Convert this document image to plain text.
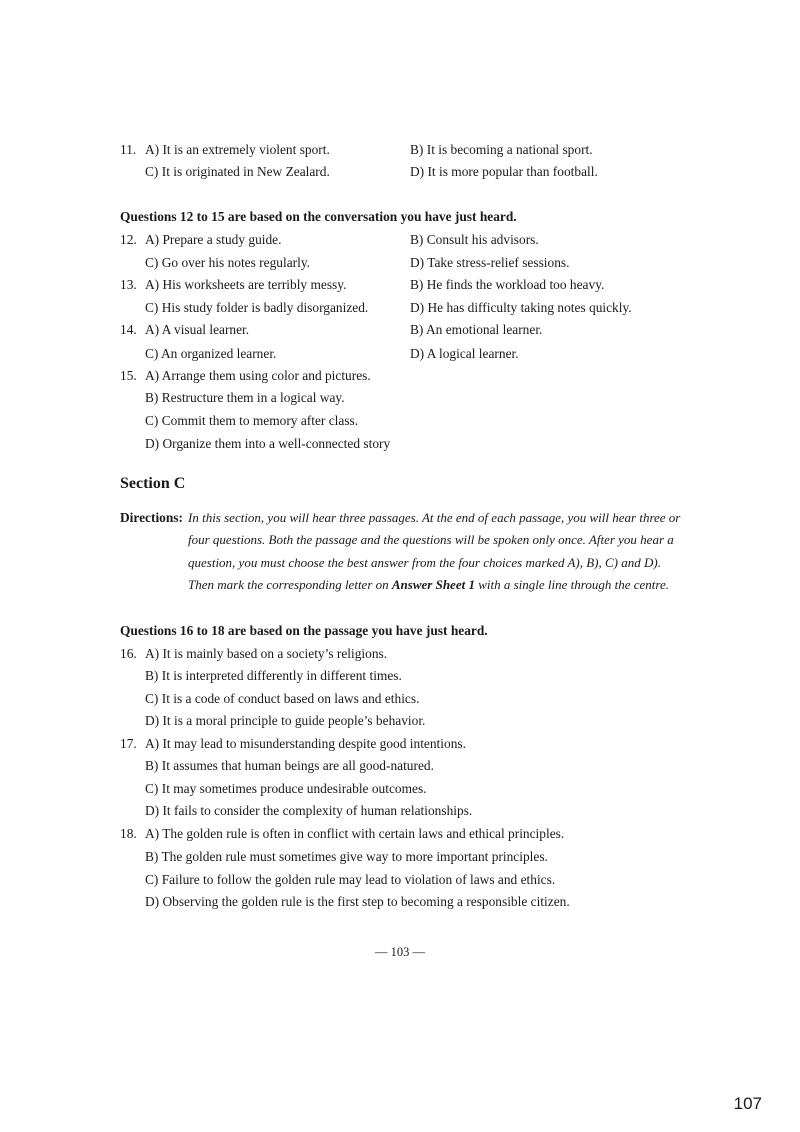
11. A) It is an extremely violent sport.	B) It is becoming a national sport.
C) It is originated in New Zealard.	D) It is more popular than football.
Questions 12 to 15 are based on the conversation you have just heard.
12. A) Prepare a study guide.	B) Consult his advisors.
C) Go over his notes regularly.	D) Take stress-relief sessions.
13. A) His worksheets are terribly messy.	B) He finds the workload too heavy.
C) His study folder is badly disorganized.	D) He has difficulty taking notes quickly.
14. A) A visual learner.	B) An emotional learner.
C) An organized learner.	D) A logical learner.
15. A) Arrange them using color and pictures.
B) Restructure them in a logical way.
C) Commit them to memory after class.
D) Organize them into a well-connected story
Section C
Directions: In this section, you will hear three passages. At the end of each passage, you will hear three or
four questions. Both the passage and the questions will be spoken only once. After you hear a
question, you must choose the best answer from the four choices marked A), B), C) and D).
Then mark the corresponding letter on Answer Sheet 1 with a single line through the centre.
Questions 16 to 18 are based on the passage you have just heard.
16. A) It is mainly based on a society’s religions.
B) It is interpreted differently in different times.
C) It is a code of conduct based on laws and ethics.
D) It is a moral principle to guide people’s behavior.
17. A) It may lead to misunderstanding despite good intentions.
B) It assumes that human beings are all good-natured.
C) It may sometimes produce undesirable outcomes.
D) It fails to consider the complexity of human relationships.
18. A) The golden rule is often in conflict with certain laws and ethical principles.
B) The golden rule must sometimes give way to more important principles.
C) Failure to follow the golden rule may lead to violation of laws and ethics.
D) Observing the golden rule is the first step to becoming a responsible citizen.
— 103 —
107
